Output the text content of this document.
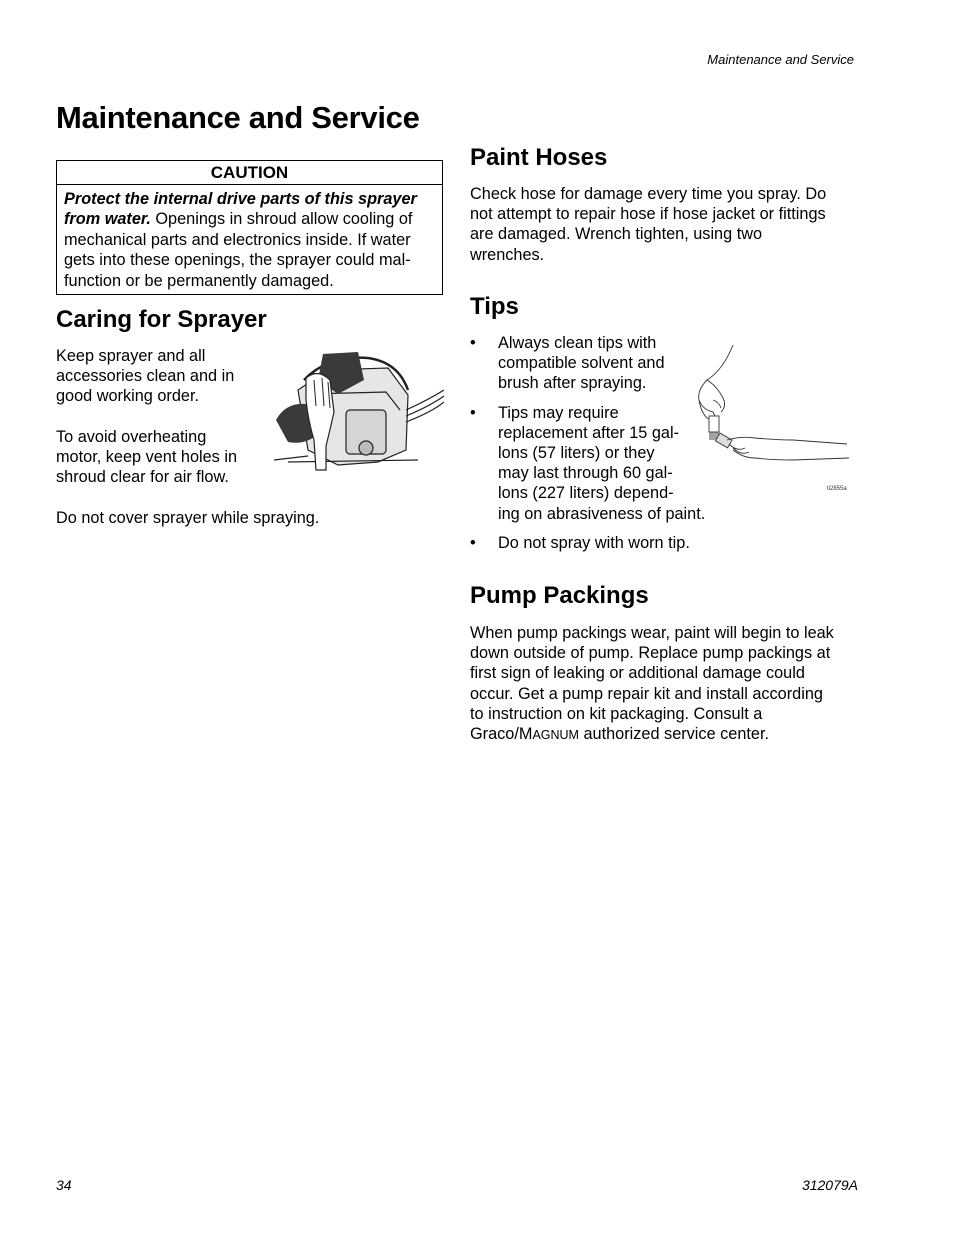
Maintenance and Service
Maintenance and Service
CAUTION
Protect the internal drive parts of this sprayer
from water. Openings in shroud allow cooling of
mechanical parts and electronics inside. If water
gets into these openings, the sprayer could mal-
function or be permanently damaged.
Caring for Sprayer
Keep sprayer and all
accessories clean and in
good working order.
To avoid overheating
motor, keep vent holes in
shroud clear for air flow.
Do not cover sprayer while spraying.
Paint Hoses
Check hose for damage every time you spray. Do
not attempt to repair hose if hose jacket or fittings
are damaged. Wrench tighten, using two
wrenches.
Tips
• Always clean tips with
compatible solvent and
brush after spraying.
• Tips may require
replacement after 15 gal-
lons (57 liters) or they
may last through 60 gal-
lons (227 liters) depend-
ing on abrasiveness of paint.
• Do not spray with worn tip.
ti2855a
Pump Packings
When pump packings wear, paint will begin to leak
down outside of pump. Replace pump packings at
first sign of leaking or additional damage could
occur. Get a pump repair kit and install according
to instruction on kit packaging. Consult a
Graco/MAGNUM authorized service center.
34	312079A
